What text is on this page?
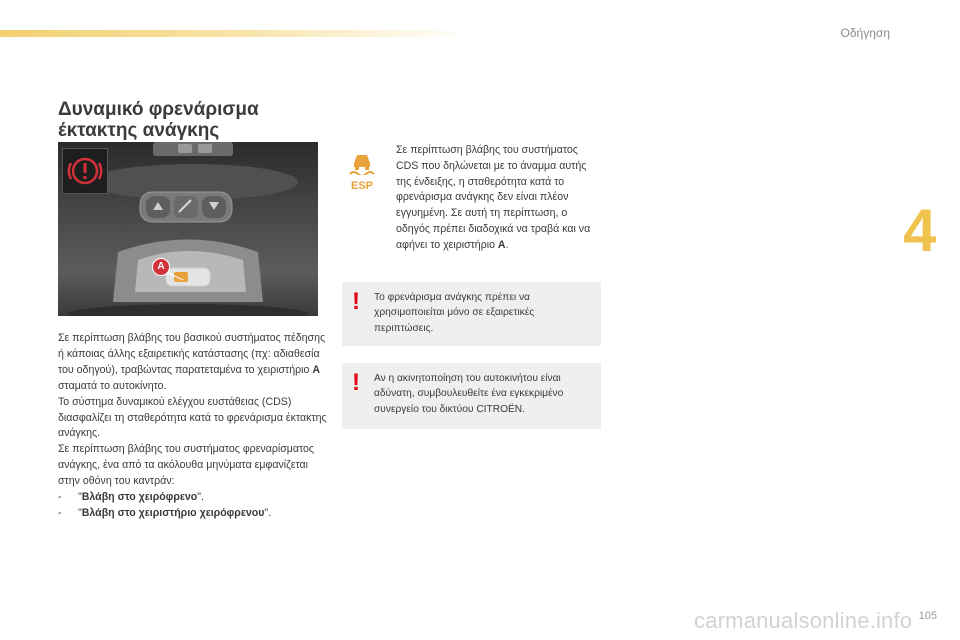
Οδήγηση
4
Δυναμικό φρενάρισμα
έκτακτης ανάγκης
A

Σε περίπτωση βλάβης του βασικού συστήματος πέδησης ή κάποιας άλλης εξαιρετικής κατάστασης (πχ: αδιαθεσία του οδηγού), τραβώντας παρατεταμένα το χειριστήριο A σταματά το αυτοκίνητο.

Το σύστημα δυναμικού ελέγχου ευστάθειας (CDS) διασφαλίζει τη σταθερότητα κατά το φρενάρισμα έκτακτης ανάγκης.

Σε περίπτωση βλάβης του συστήματος φρεναρίσματος ανάγκης, ένα από τα ακόλουθα μηνύματα εμφανίζεται στην οθόνη του καντράν:

- "Βλάβη στο χειρόφρενο".

- "Βλάβη στο χειριστήριο χειρόφρενου".

ESP
Σε περίπτωση βλάβης του συστήματος CDS που δηλώνεται με το άναμμα αυτής της ένδειξης, η σταθερότητα κατά το φρενάρισμα ανάγκης δεν είναι πλέον εγγυημένη. Σε αυτή τη περίπτωση, ο οδηγός πρέπει διαδοχικά να τραβά και να αφήνει το χειριστήριο A.
! Το φρενάρισμα ανάγκης πρέπει να χρησιμοποιείται μόνο σε εξαιρετικές περιπτώσεις.
! Αν η ακινητοποίηση του αυτοκινήτου είναι αδύνατη, συμβουλευθείτε ένα εγκεκριμένο συνεργείο του δικτύου CITROËN.
carmanualsonline.info 105
